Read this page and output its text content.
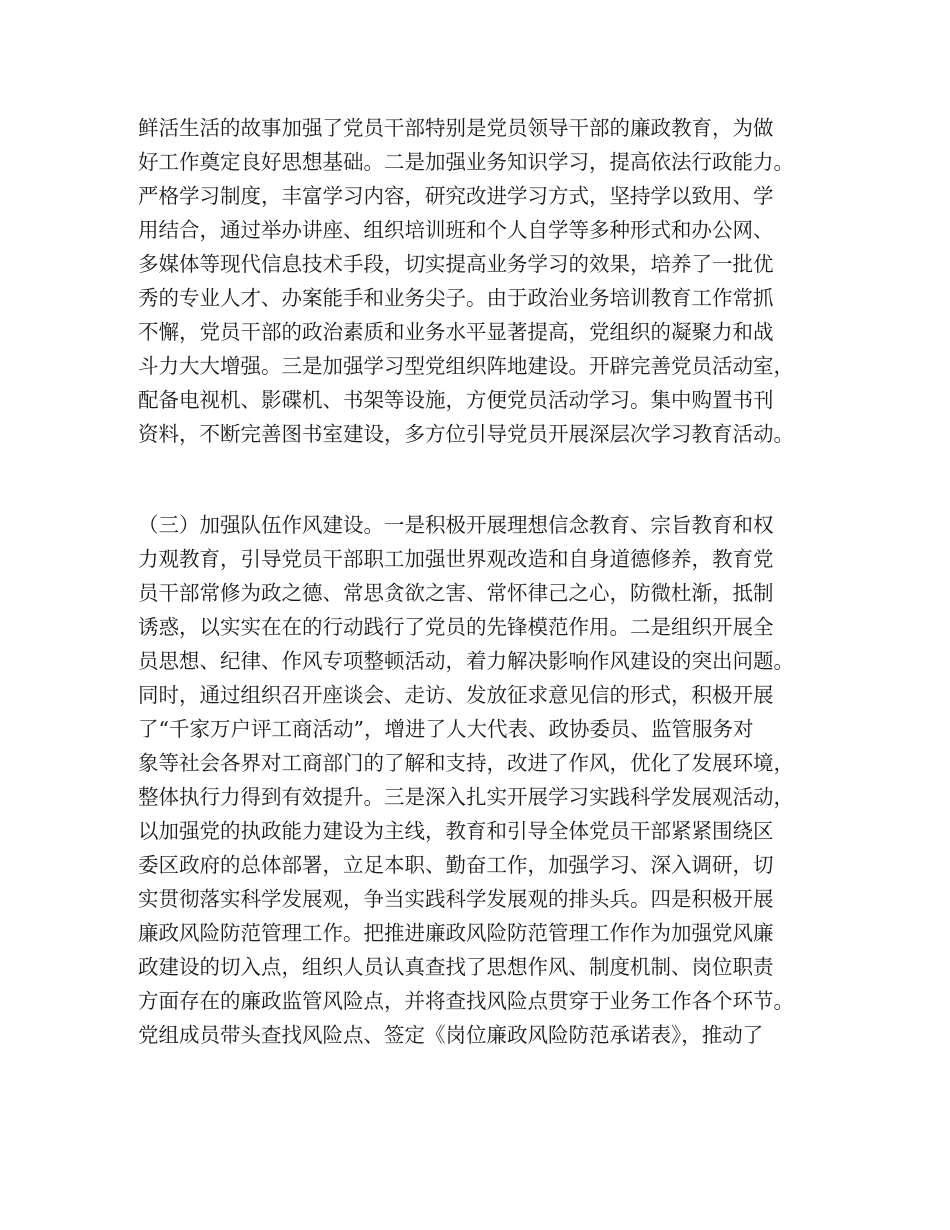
鲜活生活的故事加强了党员干部特别是党员领导干部的廉政教育，为做
好工作奠定良好思想基础。二是加强业务知识学习，提高依法行政能力。
严格学习制度，丰富学习内容，研究改进学习方式，坚持学以致用、学
用结合，通过举办讲座、组织培训班和个人自学等多种形式和办公网、
多媒体等现代信息技术手段，切实提高业务学习的效果，培养了一批优
秀的专业人才、办案能手和业务尖子。由于政治业务培训教育工作常抓
不懈，党员干部的政治素质和业务水平显著提高，党组织的凝聚力和战
斗力大大增强。三是加强学习型党组织阵地建设。开辟完善党员活动室，
配备电视机、影碟机、书架等设施，方便党员活动学习。集中购置书刊
资料，不断完善图书室建设，多方位引导党员开展深层次学习教育活动。
（三）加强队伍作风建设。一是积极开展理想信念教育、宗旨教育和权
力观教育，引导党员干部职工加强世界观改造和自身道德修养，教育党
员干部常修为政之德、常思贪欲之害、常怀律己之心，防微杜渐，抵制
诱惑，以实实在在的行动践行了党员的先锋模范作用。二是组织开展全
员思想、纪律、作风专项整顿活动，着力解决影响作风建设的突出问题。
同时，通过组织召开座谈会、走访、发放征求意见信的形式，积极开展
了“千家万户评工商活动”，增进了人大代表、政协委员、监管服务对
象等社会各界对工商部门的了解和支持，改进了作风，优化了发展环境，
整体执行力得到有效提升。三是深入扎实开展学习实践科学发展观活动，
以加强党的执政能力建设为主线，教育和引导全体党员干部紧紧围绕区
委区政府的总体部署，立足本职、勤奋工作，加强学习、深入调研，切
实贯彻落实科学发展观，争当实践科学发展观的排头兵。四是积极开展
廉政风险防范管理工作。把推进廉政风险防范管理工作作为加强党风廉
政建设的切入点，组织人员认真查找了思想作风、制度机制、岗位职责
方面存在的廉政监管风险点，并将查找风险点贯穿于业务工作各个环节。
党组成员带头查找风险点、签定《岗位廉政风险防范承诺表》，推动了
